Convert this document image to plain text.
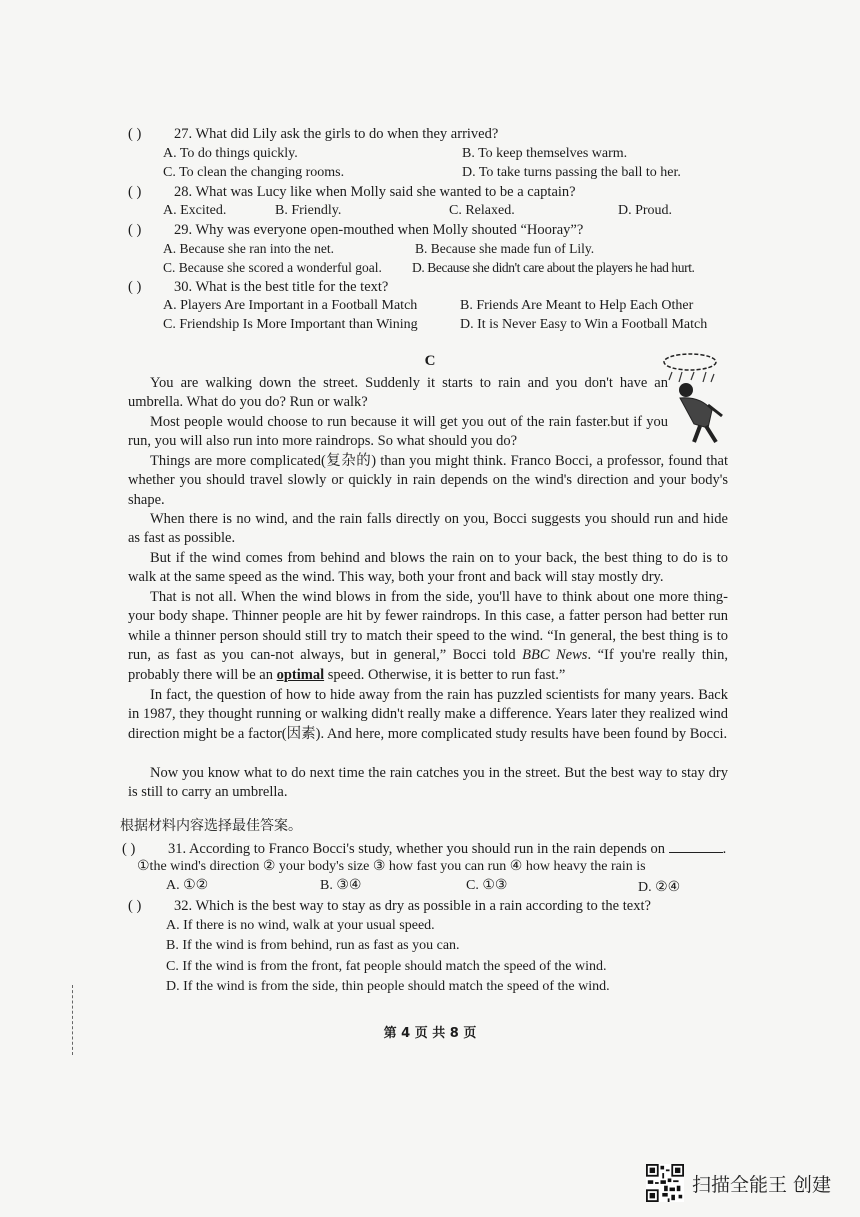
( ) 27. What did Lily ask the girls to do when they arrived?
A. To do things quickly.	B. To keep themselves warm.
C. To clean the changing rooms.	D. To take turns passing the ball to her.
( ) 28. What was Lucy like when Molly said she wanted to be a captain?
A. Excited.	B. Friendly.	C. Relaxed.	D. Proud.
( ) 29. Why was everyone open-mouthed when Molly shouted “Hooray”?
A. Because she ran into the net.	B. Because she made fun of Lily.
C. Because she scored a wonderful goal. D. Because she didn't care about the players he had hurt.
( ) 30. What is the best title for the text?
A. Players Are Important in a Football Match	B. Friends Are Meant to Help Each Other
C. Friendship Is More Important than Wining	D. It is Never Easy to Win a Football Match
C
You are walking down the street. Suddenly it starts to rain and you don't have an umbrella. What do you do? Run or walk?
Most people would choose to run because it will get you out of the rain faster.but if you run, you will also run into more raindrops. So what should you do?
Things are more complicated(复杂的) than you might think. Franco Bocci, a professor, found that whether you should travel slowly or quickly in rain depends on the wind's direction and your body's shape.
When there is no wind, and the rain falls directly on you, Bocci suggests you should run and hide as fast as possible.
But if the wind comes from behind and blows the rain on to your back, the best thing to do is to walk at the same speed as the wind. This way, both your front and back will stay mostly dry.
That is not all. When the wind blows in from the side, you'll have to think about one more thing-your body shape. Thinner people are hit by fewer raindrops. In this case, a fatter person had better run while a thinner person should still try to match their speed to the wind. “In general, the best thing is to run, as fast as you can-not always, but in general,” Bocci told BBC News. “If you're really thin, probably there will be an optimal speed. Otherwise, it is better to run fast.”
In fact, the question of how to hide away from the rain has puzzled scientists for many years. Back in 1987, they thought running or walking didn't really make a difference. Years later they realized wind direction might be a factor(因素). And here, more complicated study results have been found by Bocci.
Now you know what to do next time the rain catches you in the street. But the best way to stay dry is still to carry an umbrella.
根据材料内容选择最佳答案。
( ) 31. According to Franco Bocci's study, whether you should run in the rain depends on	.
①the wind's direction ② your body's size ③ how fast you can run ④ how heavy the rain is
A. ①②	B. ③④	C. ①③	D. ②④
( ) 32. Which is the best way to stay as dry as possible in a rain according to the text?
A. If there is no wind, walk at your usual speed.
B. If the wind is from behind, run as fast as you can.
C. If the wind is from the front, fat people should match the speed of the wind.
D. If the wind is from the side, thin people should match the speed of the wind.
第 4 页 共 8 页
扫描全能王 创建
